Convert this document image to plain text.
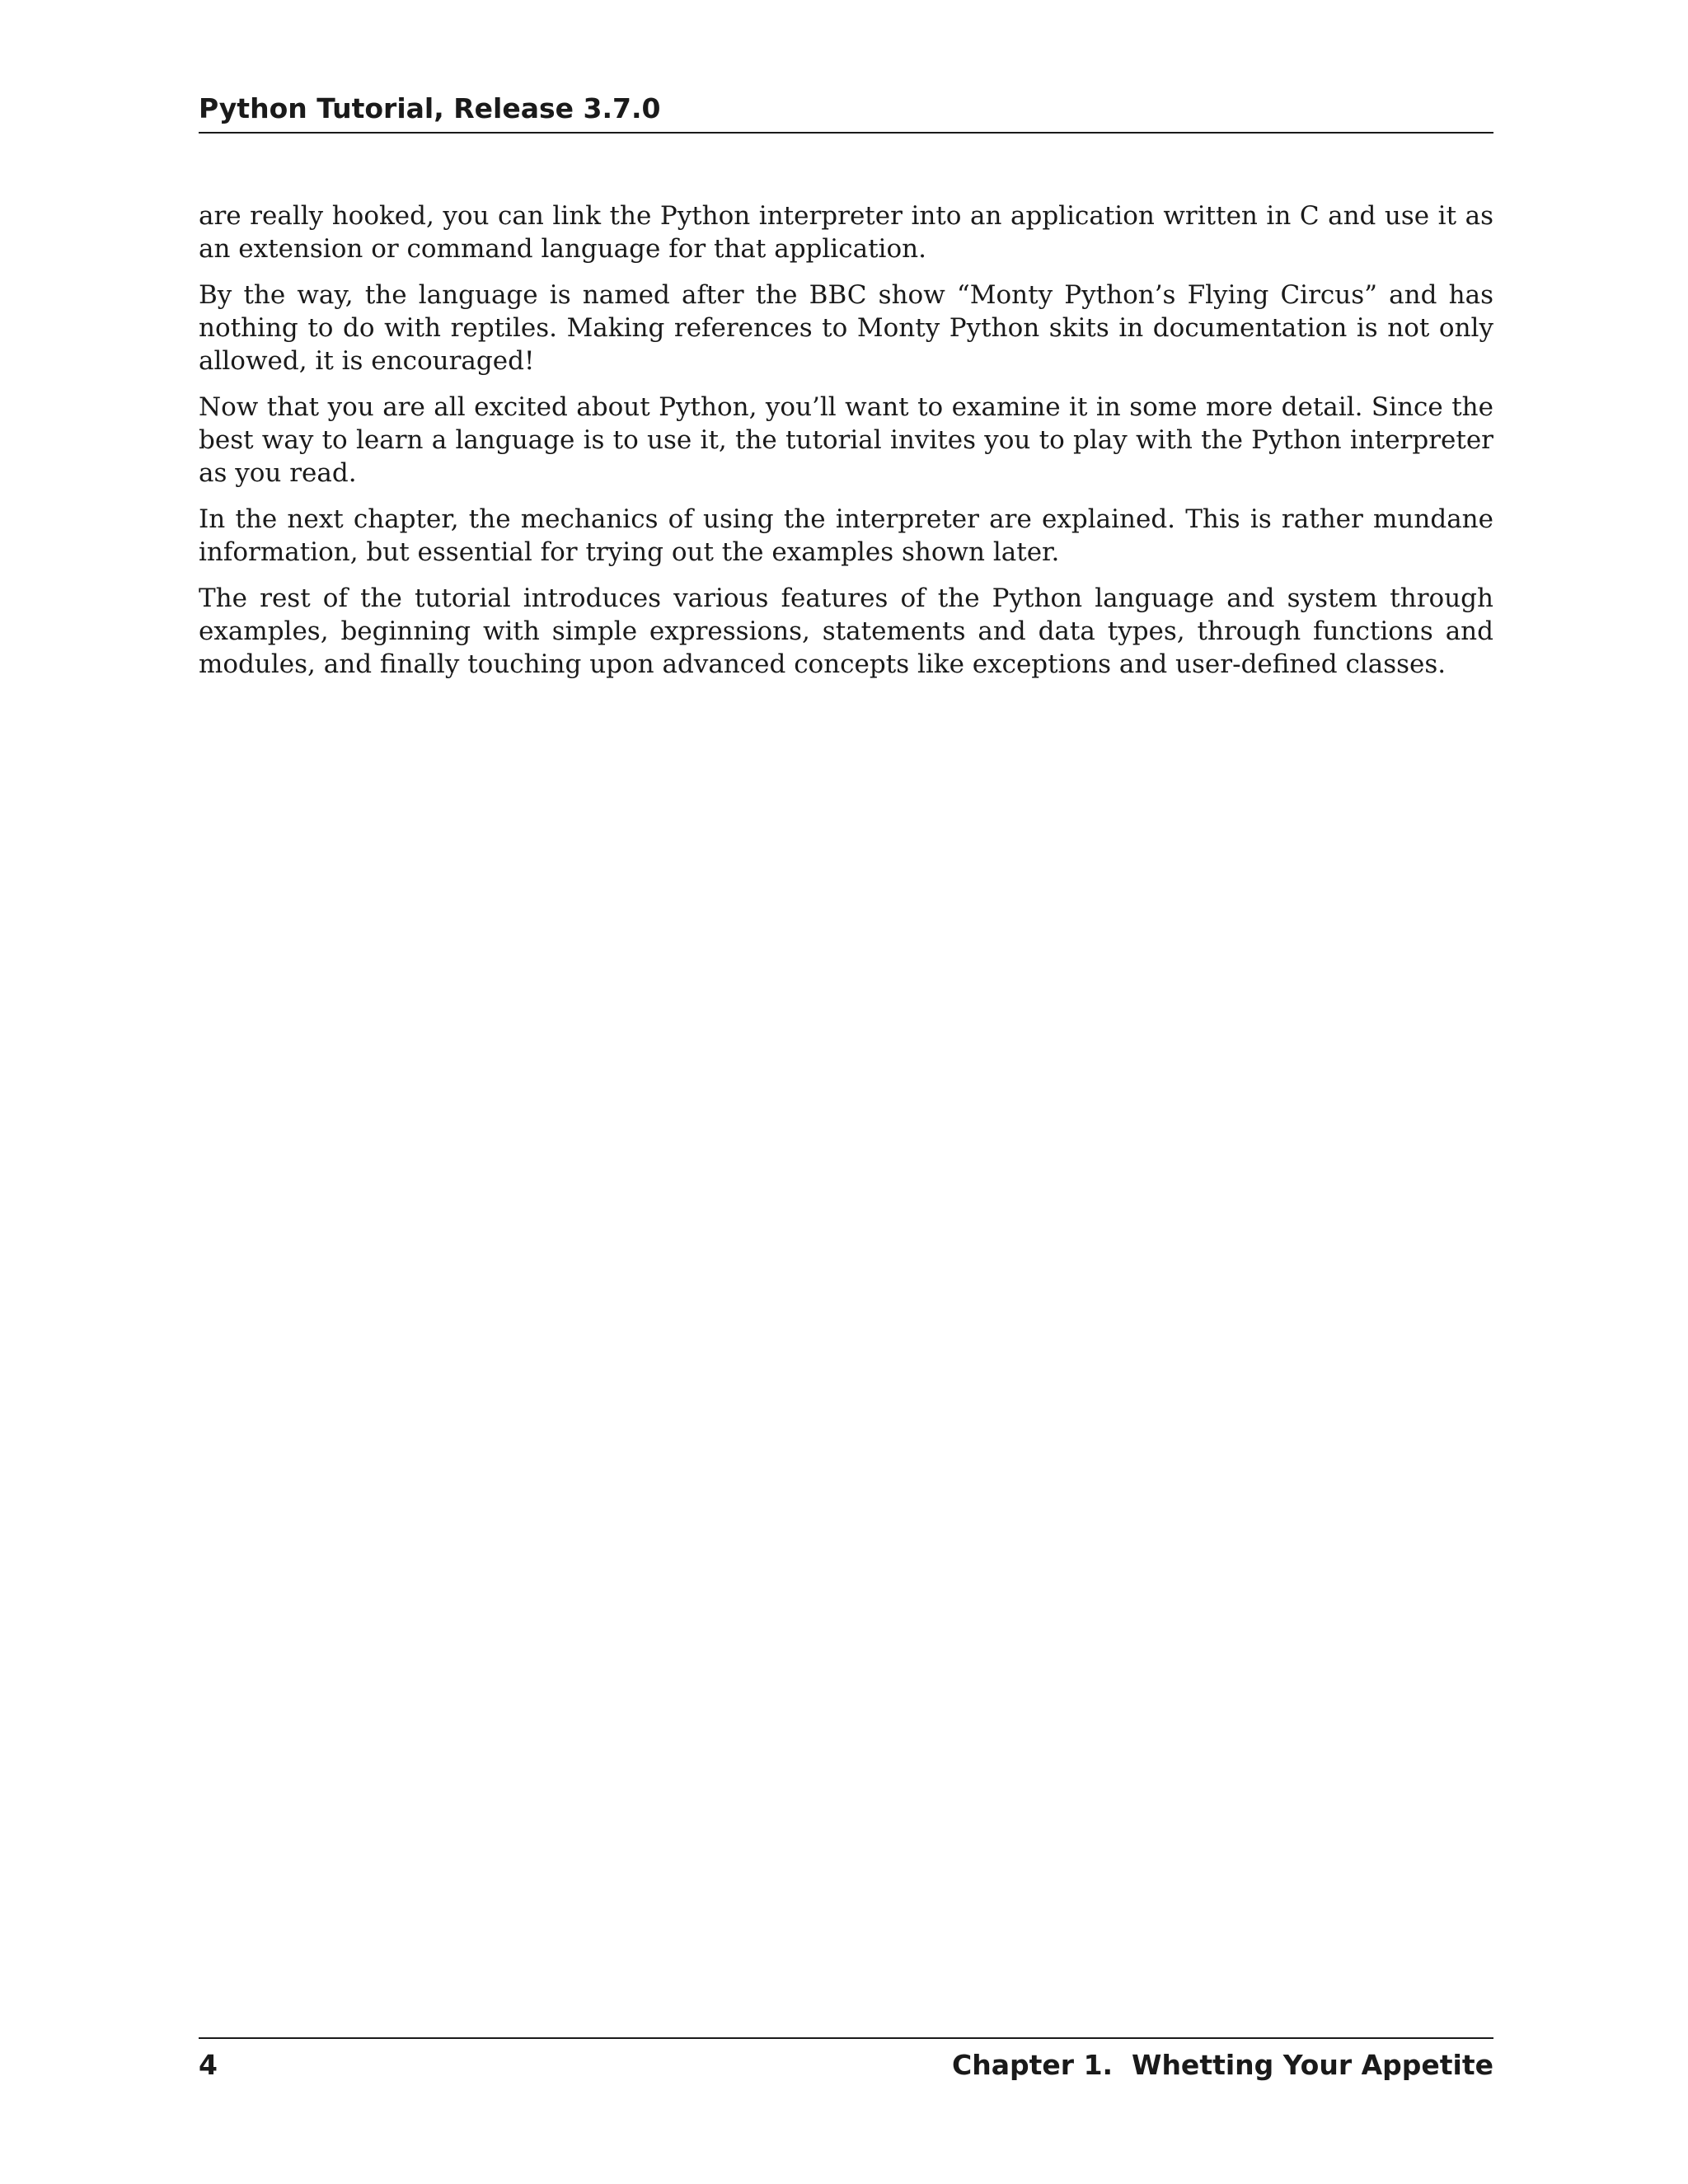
Python Tutorial, Release 3.7.0

are really hooked, you can link the Python interpreter into an application written in C and use it as an extension or command language for that application.

By the way, the language is named after the BBC show “Monty Python’s Flying Circus” and has nothing to do with reptiles. Making references to Monty Python skits in documentation is not only allowed, it is encouraged!

Now that you are all excited about Python, you’ll want to examine it in some more detail. Since the best way to learn a language is to use it, the tutorial invites you to play with the Python interpreter as you read.

In the next chapter, the mechanics of using the interpreter are explained. This is rather mundane information, but essential for trying out the examples shown later.

The rest of the tutorial introduces various features of the Python language and system through examples, beginning with simple expressions, statements and data types, through functions and modules, and finally touching upon advanced concepts like exceptions and user-defined classes.

4	Chapter 1.  Whetting Your Appetite
